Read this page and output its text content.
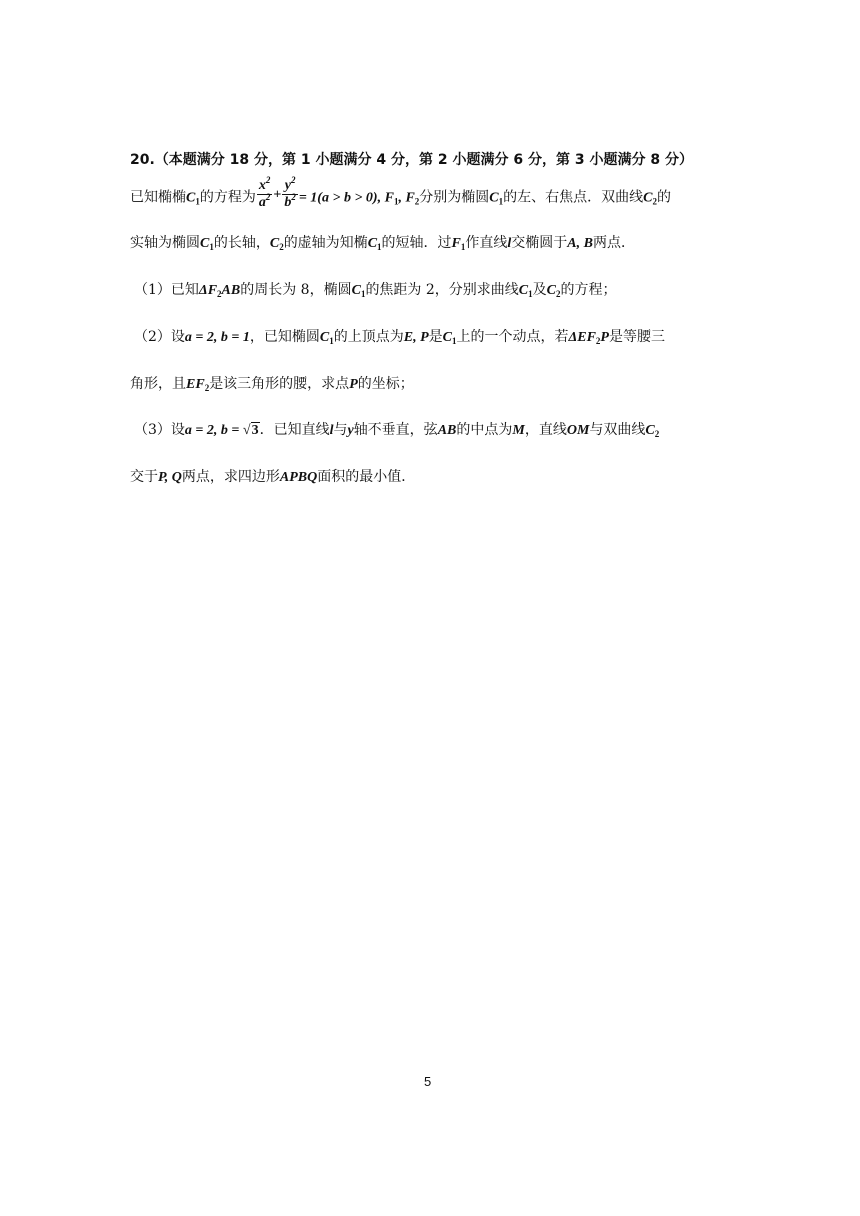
20.（本题满分 18 分，第 1 小题满分 4 分，第 2 小题满分 6 分，第 3 小题满分 8 分）
已知椭椭$C_1$的方程为 $\frac{x^2}{a^2} + \frac{y^2}{b^2} = 1(a > b > 0)$, $F_1$, $F_2$分别为椭圆$C_1$的左、右焦点．双曲线$C_2$的
实轴为椭圆$C_1$的长轴，$C_2$的虚轴为知椭$C_1$的短轴．过$F_1$作直线l交椭圆于A, B两点．
（1）已知$\Delta F_2AB$的周长为 8，椭圆$C_1$的焦距为 2，分别求曲线$C_1$及$C_2$的方程；
（2）设a = 2, b = 1，已知椭圆$C_1$的上顶点为E, P是$C_1$上的一个动点，若$\Delta EF_2P$是等腰三
角形，且$EF_2$是该三角形的腰，求点P的坐标；
（3）设a = 2, b = √3．已知直线l与y轴不垂直，弦AB的中点为M，直线OM与双曲线$C_2$
交于P, Q两点，求四边形APBQ面积的最小值．
5
